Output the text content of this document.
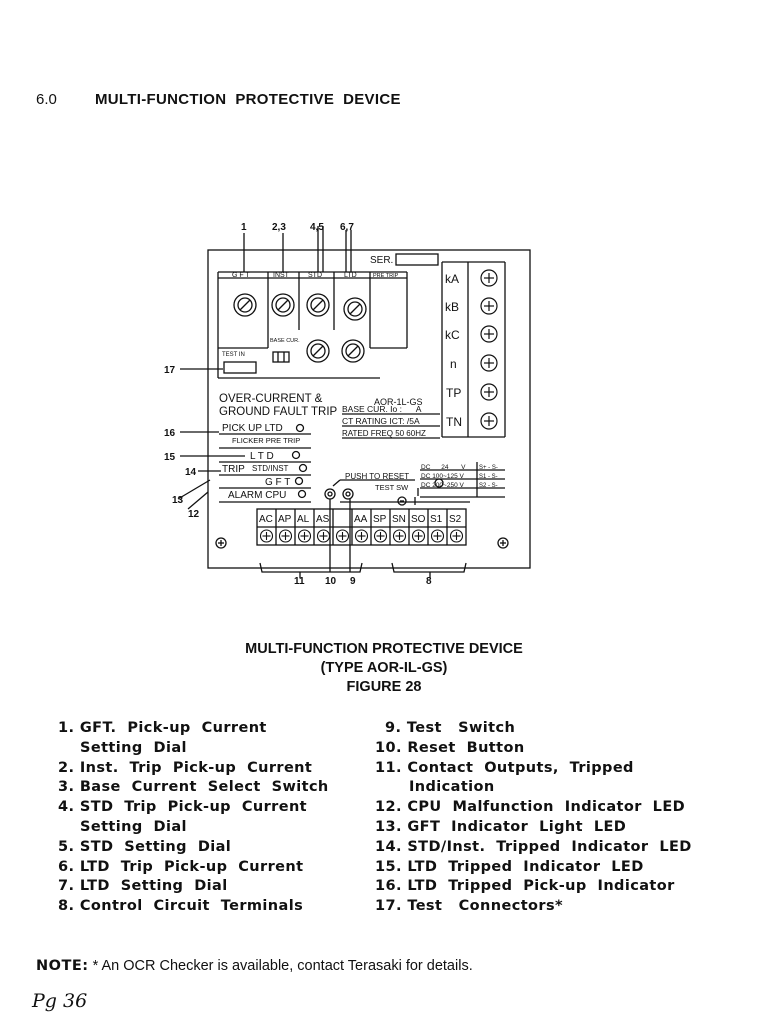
6.0	MULTI-FUNCTION  PROTECTIVE  DEVICE
1	2,3 4,5 6,7
17
16
15
14
13
12
11 10 9	8
SER.
G F T	INST	STD	LTD	PRE TRIP
TEST IN
BASE CUR.
OVER-CURRENT &
GROUND FAULT TRIP
AOR-1L-GS
BASE CUR. Io :      A
CT RATING ICT: /5A
RATED FREQ 50 60HZ
PICK UP LTD
FLICKER PRE TRIP
L T D
TRIP STD/INST
G F T
ALARM CPU
PUSH TO RESET
TEST SW
DC      24       V
DC 100~125 V
DC 200~250 V
S+ - S-
S1 - S-
S2 - S-
kA
kB
kC
n
TP
TN
AC AP AL AS AA SP SN SO S1 S2
MULTI-FUNCTION PROTECTIVE DEVICE
(TYPE AOR-IL-GS)
FIGURE 28
1. GFT.  Pick-up  Current
Setting  Dial
2. Inst.  Trip  Pick-up  Current
3. Base  Current  Select  Switch
4. STD  Trip  Pick-up  Current
Setting  Dial
5. STD  Setting  Dial
6. LTD  Trip  Pick-up  Current
7. LTD  Setting  Dial
8. Control  Circuit  Terminals
9. Test   Switch
10. Reset  Button
11. Contact  Outputs,  Tripped
Indication
12. CPU  Malfunction  Indicator  LED
13. GFT  Indicator  Light  LED
14. STD/Inst.  Tripped  Indicator  LED
15. LTD  Tripped  Indicator  LED
16. LTD  Tripped  Pick-up  Indicator
17. Test   Connectors*
NOTE: * An OCR Checker is available, contact Terasaki for details.
Pg 36
